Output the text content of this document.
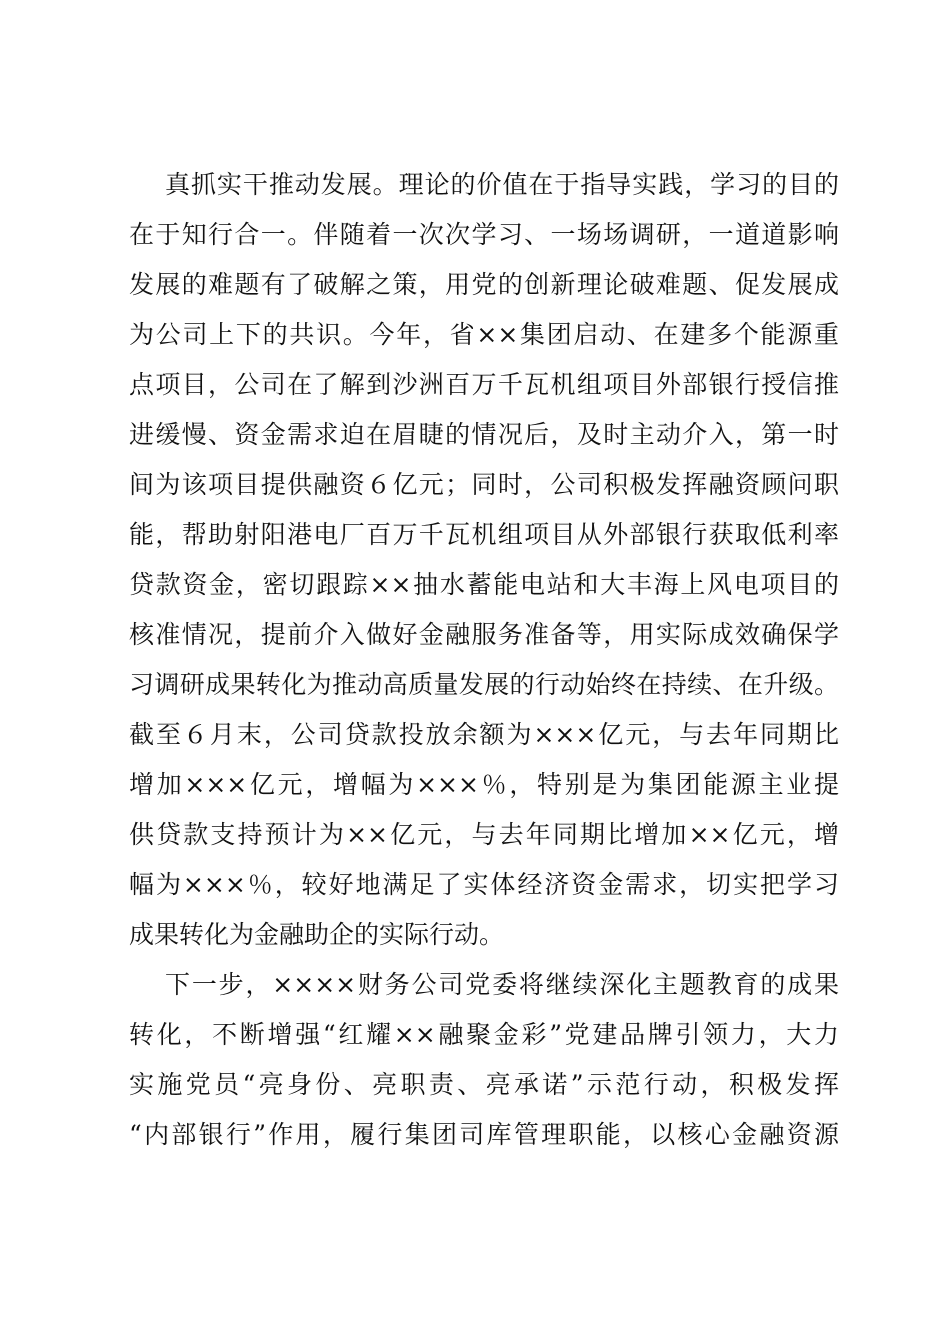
真抓实干推动发展。理论的价值在于指导实践，学习的目的
在于知行合一。伴随着一次次学习、一场场调研，一道道影响
发展的难题有了破解之策，用党的创新理论破难题、促发展成
为公司上下的共识。今年，省××集团启动、在建多个能源重
点项目，公司在了解到沙洲百万千瓦机组项目外部银行授信推
进缓慢、资金需求迫在眉睫的情况后，及时主动介入，第一时
间为该项目提供融资６亿元；同时，公司积极发挥融资顾问职
能，帮助射阳港电厂百万千瓦机组项目从外部银行获取低利率
贷款资金，密切跟踪××抽水蓄能电站和大丰海上风电项目的
核准情况，提前介入做好金融服务准备等，用实际成效确保学
习调研成果转化为推动高质量发展的行动始终在持续、在升级。
截至６月末，公司贷款投放余额为×××亿元，与去年同期比
增加×××亿元，增幅为×××％，特别是为集团能源主业提
供贷款支持预计为××亿元，与去年同期比增加××亿元，增
幅为×××％，较好地满足了实体经济资金需求，切实把学习
成果转化为金融助企的实际行动。
下一步，××××财务公司党委将继续深化主题教育的成果
转化，不断增强“红耀××融聚金彩”党建品牌引领力，大力
实施党员“亮身份、亮职责、亮承诺”示范行动，积极发挥
“内部银行”作用，履行集团司库管理职能，以核心金融资源
